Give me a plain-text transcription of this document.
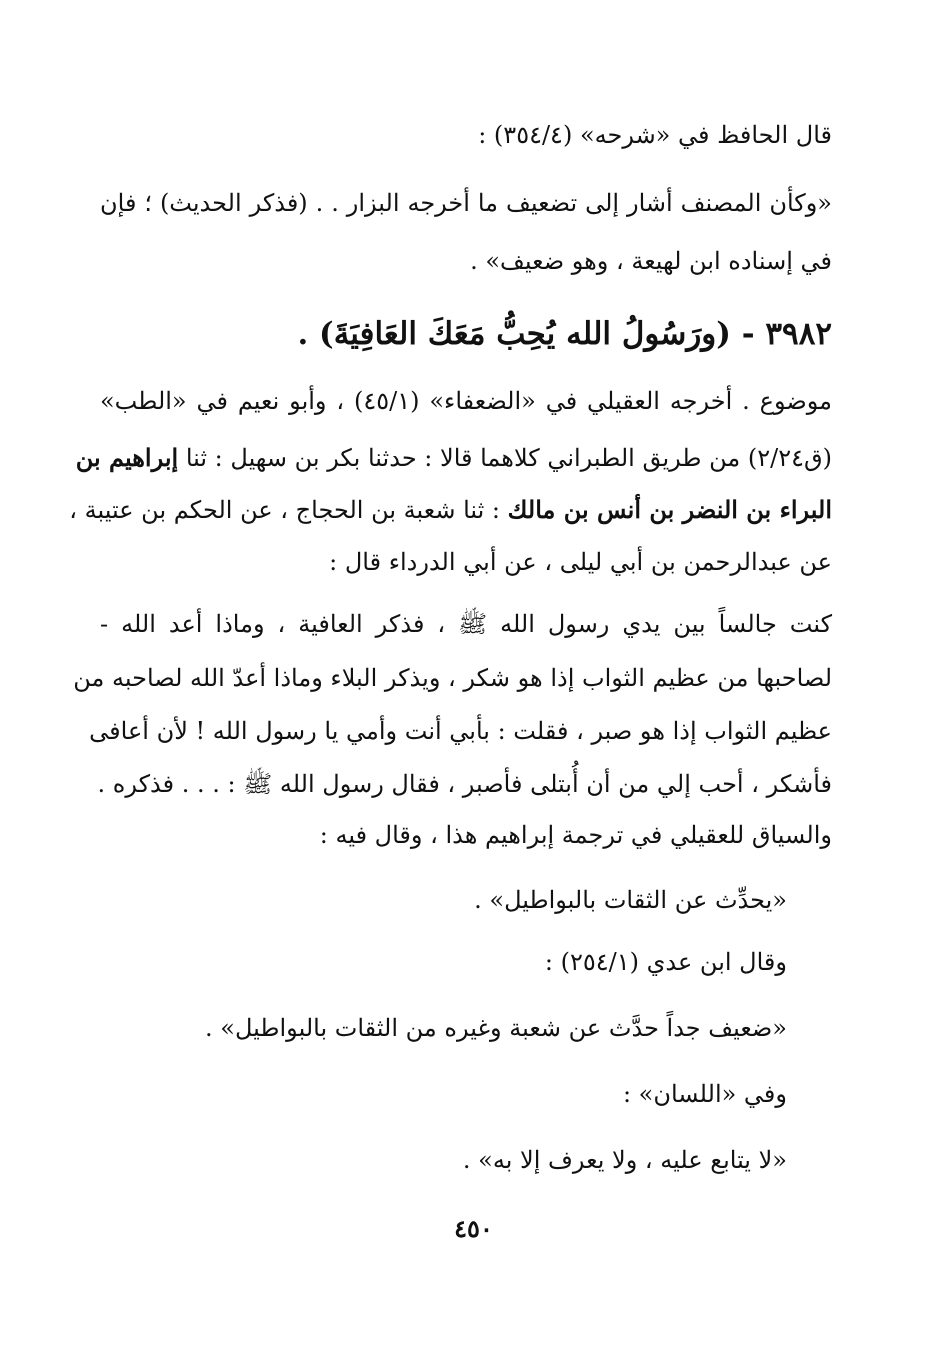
قال الحافظ في «شرحه» (٣٥٤/٤) :
«وكأن المصنف أشار إلى تضعيف ما أخرجه البزار . . (فذكر الحديث) ؛ فإن
في إسناده ابن لهيعة ، وهو ضعيف» .
٣٩٨٢ - (ورَسُولُ الله يُحِبُّ مَعَكَ العَافِيَةَ) .
موضوع . أخرجه العقيلي في «الضعفاء» (٤٥/١) ، وأبو نعيم في «الطب»
(ق٢/٢٤) من طريق الطبراني كلاهما قالا : حدثنا بكر بن سهيل : ثنا إبراهيم بن
البراء بن النضر بن أنس بن مالك : ثنا شعبة بن الحجاج ، عن الحكم بن عتيبة ،
عن عبدالرحمن بن أبي ليلى ، عن أبي الدرداء قال :
كنت جالساً بين يدي رسول الله ﷺ ، فذكر العافية ، وماذا أعد الله -
لصاحبها من عظيم الثواب إذا هو شكر ، ويذكر البلاء وماذا أعدّ الله لصاحبه من
عظيم الثواب إذا هو صبر ، فقلت : بأبي أنت وأمي يا رسول الله ! لأن أعافى
فأشكر ، أحب إلي من أن أُبتلى فأصبر ، فقال رسول الله ﷺ : . . . فذكره .
والسياق للعقيلي في ترجمة إبراهيم هذا ، وقال فيه :
«يحدِّث عن الثقات بالبواطيل» .
وقال ابن عدي (٢٥٤/١) :
«ضعيف جداً حدَّث عن شعبة وغيره من الثقات بالبواطيل» .
وفي «اللسان» :
«لا يتابع عليه ، ولا يعرف إلا به» .
٤٥٠
